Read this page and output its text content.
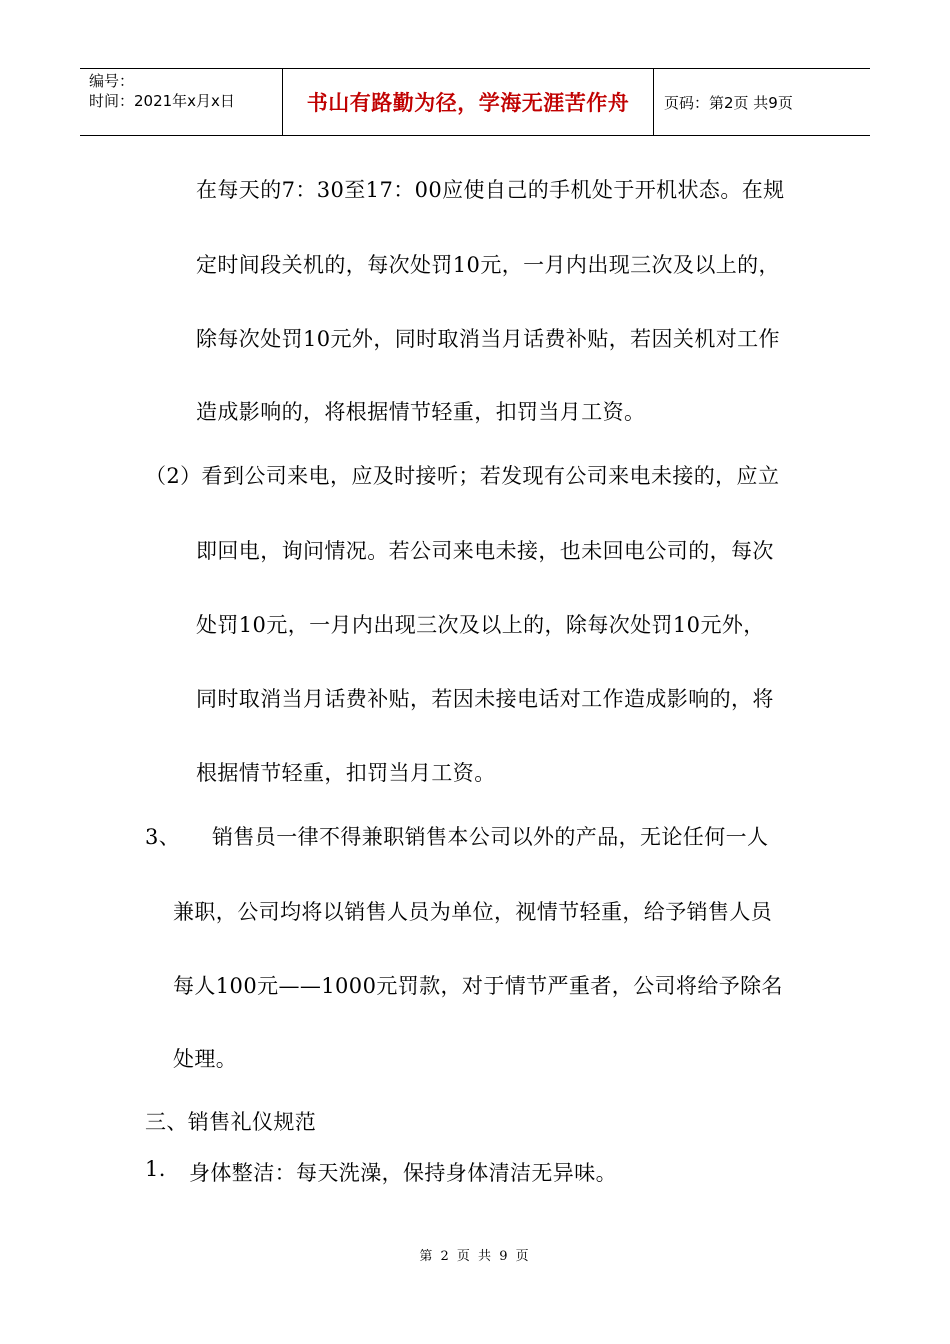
编号：
时间：2021年x月x日	书山有路勤为径，学海无涯苦作舟 页码：第2页 共9页
在每天的7：30至17：00应使自己的手机处于开机状态。在规
定时间段关机的，每次处罚10元，一月内出现三次及以上的，
除每次处罚10元外，同时取消当月话费补贴，若因关机对工作
造成影响的，将根据情节轻重，扣罚当月工资。
（2）看到公司来电，应及时接听；若发现有公司来电未接的，应立
即回电，询问情况。若公司来电未接，也未回电公司的，每次
处罚10元，一月内出现三次及以上的，除每次处罚10元外，
同时取消当月话费补贴，若因未接电话对工作造成影响的，将
根据情节轻重，扣罚当月工资。
3、 销售员一律不得兼职销售本公司以外的产品，无论任何一人
兼职，公司均将以销售人员为单位，视情节轻重，给予销售人员
每人100元——1000元罚款，对于情节严重者，公司将给予除名
处理。
三、销售礼仪规范
1. 身体整洁：每天洗澡，保持身体清洁无异味。
第 2 页 共 9 页
